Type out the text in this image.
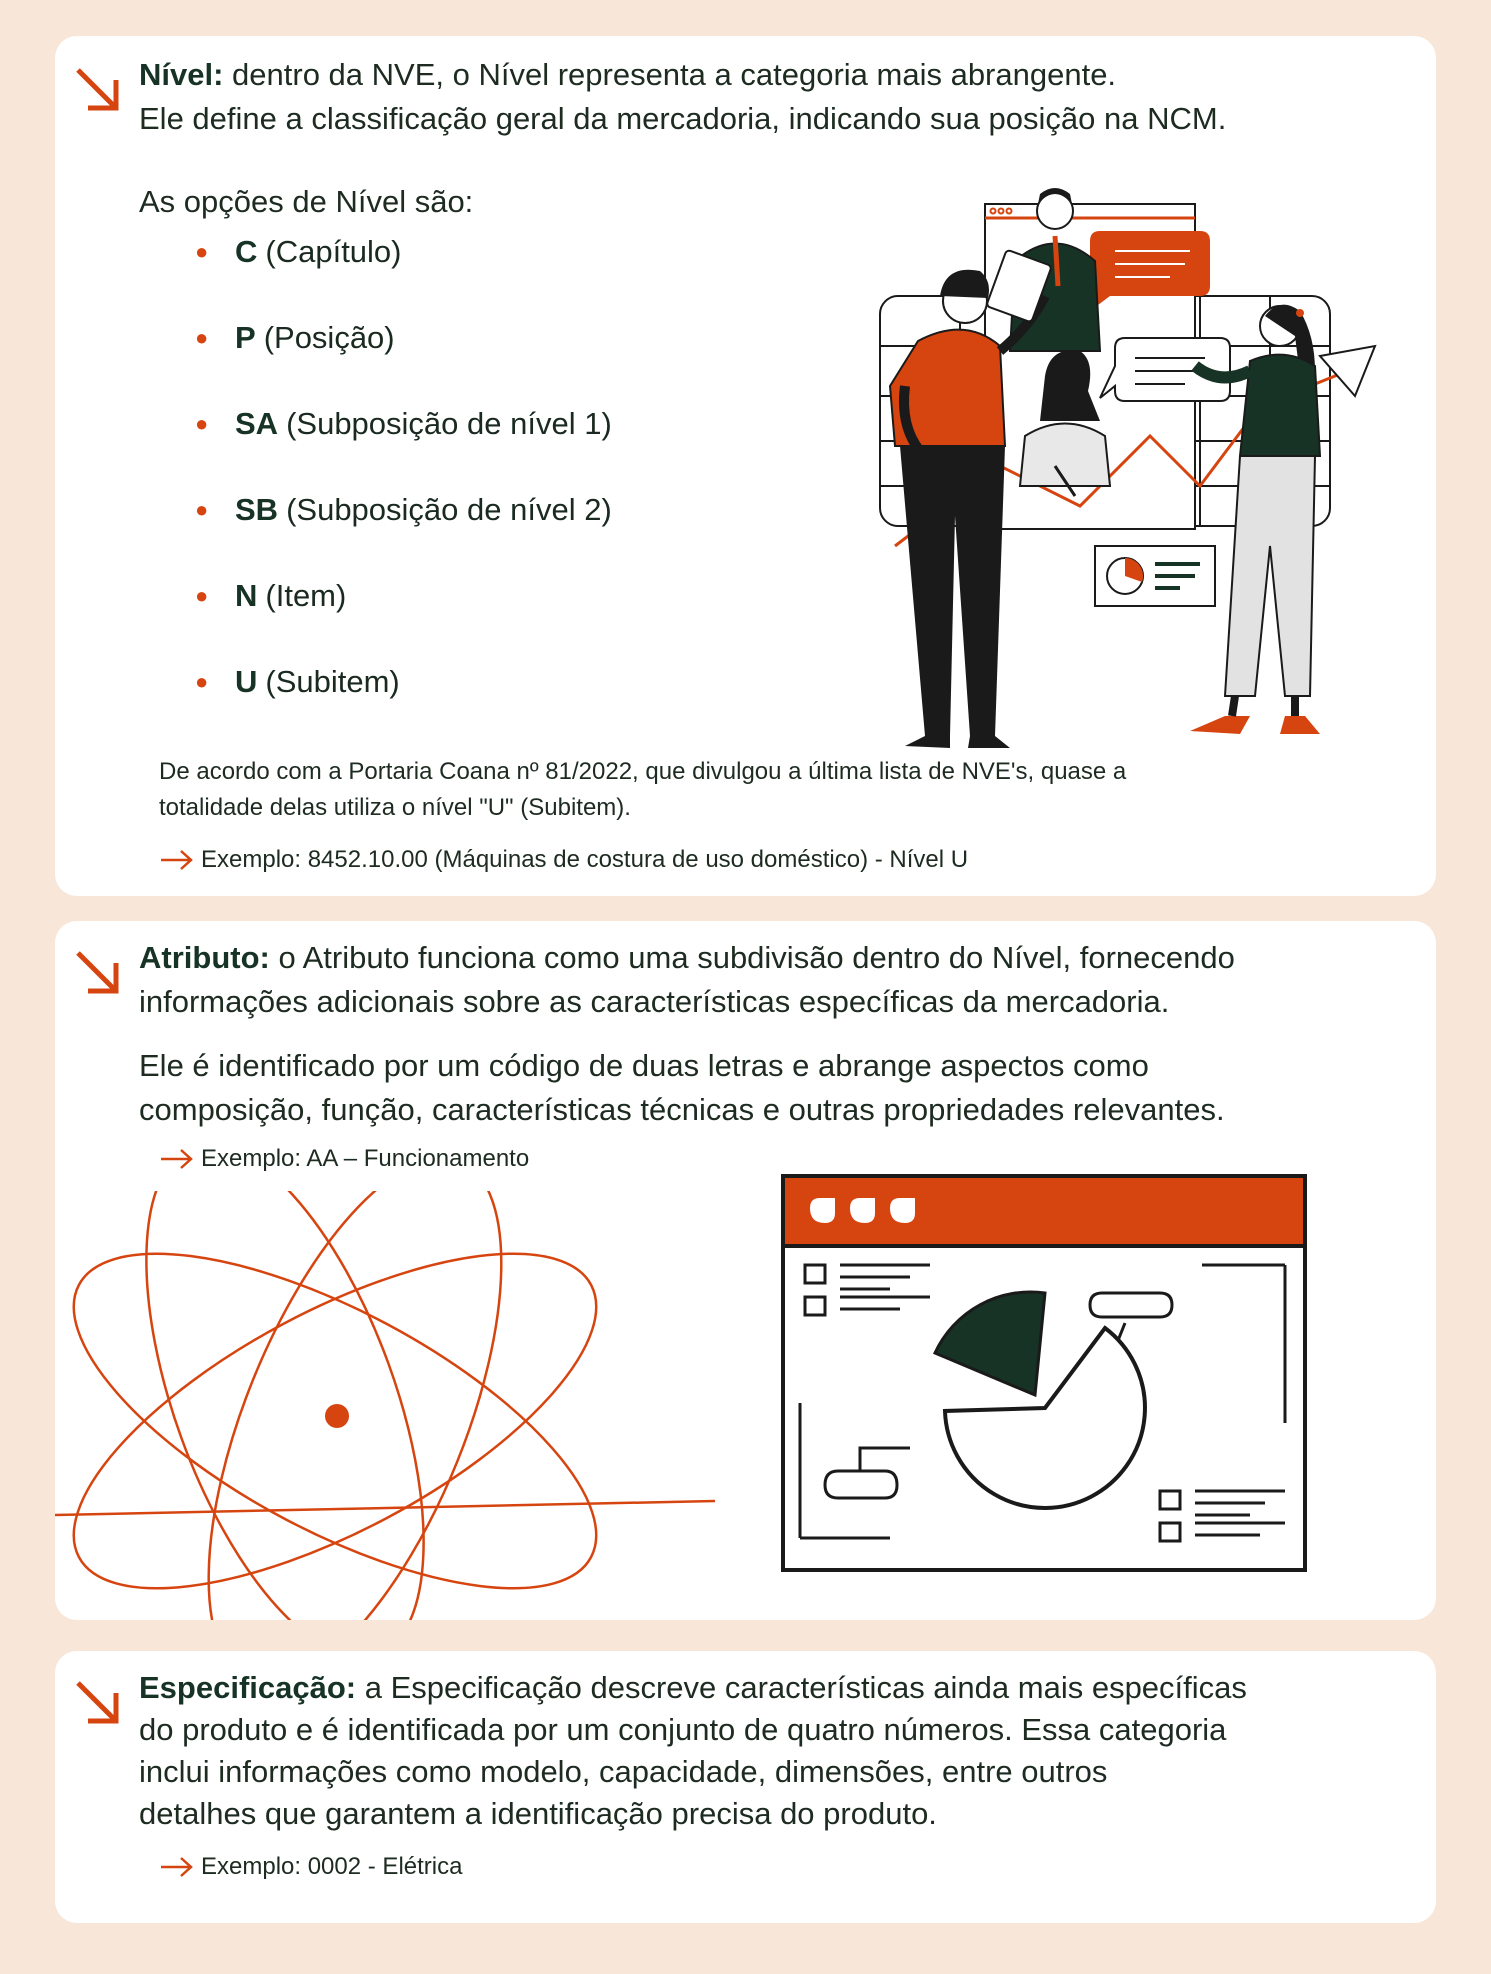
Nível: dentro da NVE, o Nível representa a categoria mais abrangente.

Ele define a classificação geral da mercadoria, indicando sua posição na NCM.

As opções de Nível são:

● C (Capítulo)
● P (Posição)
● SA (Subposição de nível 1)
● SB (Subposição de nível 2)
● N (Item)
● U (Subitem)

De acordo com a Portaria Coana nº 81/2022, que divulgou a última lista de NVE's, quase a

totalidade delas utiliza o nível "U" (Subitem).

Exemplo: 8452.10.00 (Máquinas de costura de uso doméstico) - Nível U

Atributo: o Atributo funciona como uma subdivisão dentro do Nível, fornecendo

informações adicionais sobre as características específicas da mercadoria.

Ele é identificado por um código de duas letras e abrange aspectos como

composição, função, características técnicas e outras propriedades relevantes.

Exemplo: AA – Funcionamento

Especificação: a Especificação descreve características ainda mais específicas

do produto e é identificada por um conjunto de quatro números. Essa categoria

inclui informações como modelo, capacidade, dimensões, entre outros

detalhes que garantem a identificação precisa do produto.

Exemplo: 0002 - Elétrica
